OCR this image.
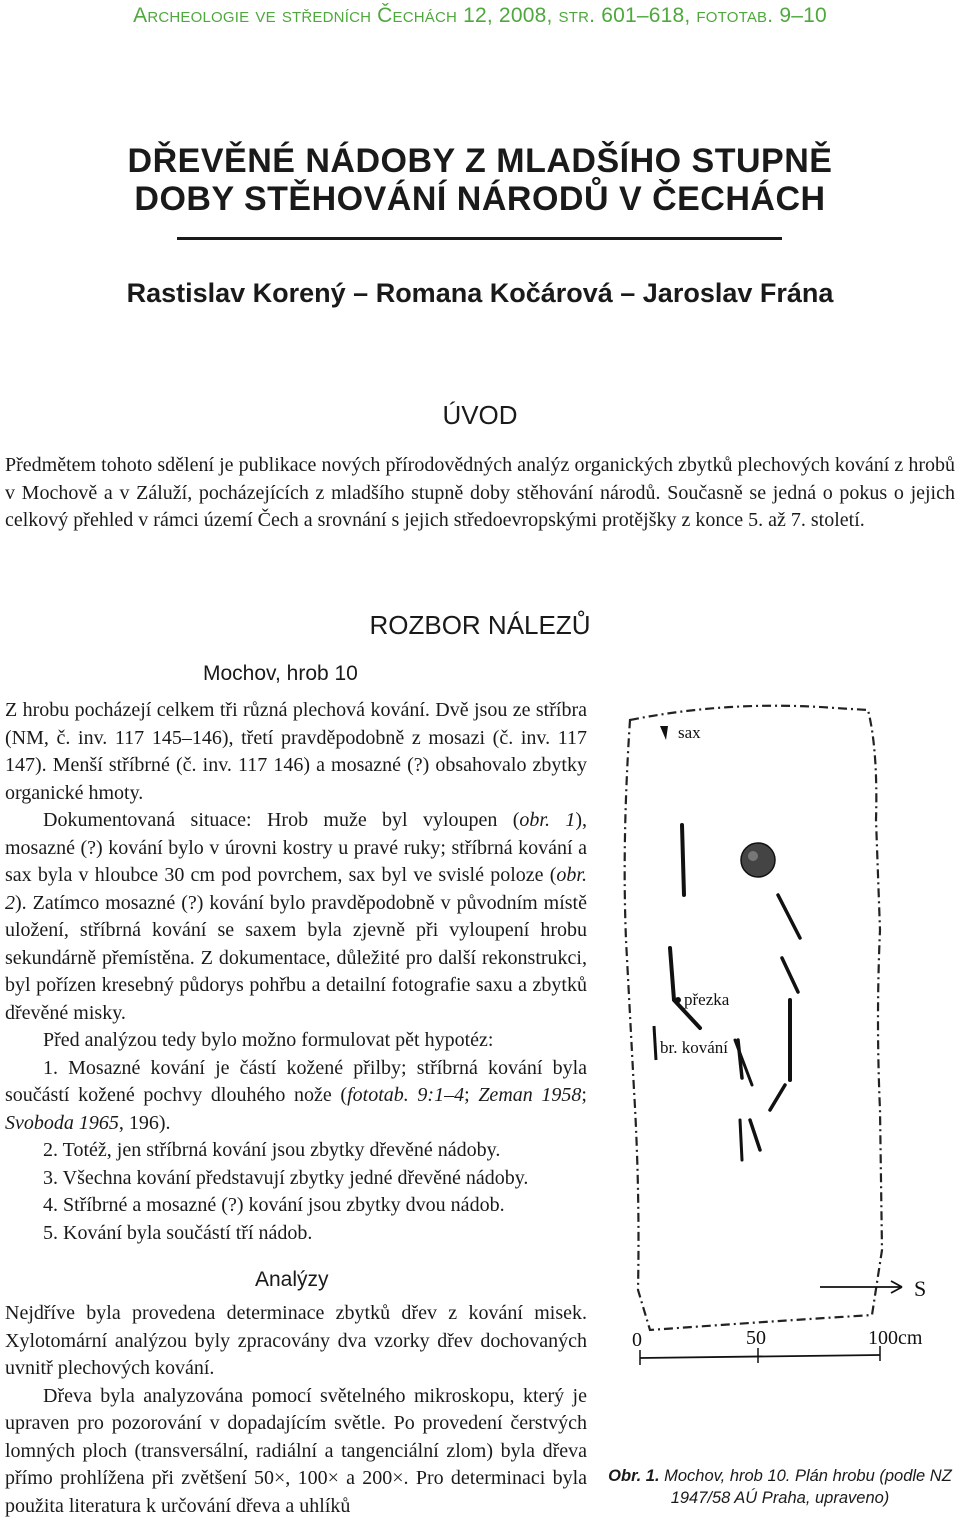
Archeologie ve středních Čechách 12, 2008, str. 601–618, fototab. 9–10
DŘEVĚNÉ NÁDOBY Z MLADŠÍHO STUPNĚ
DOBY STĚHOVÁNÍ NÁRODŮ V ČECHÁCH
Rastislav Korený – Romana Kočárová – Jaroslav Frána
ÚVOD

Předmětem tohoto sdělení je publikace nových přírodovědných analýz organických zbytků plechových kování z hrobů v Mochově a v Záluží, pocházejících z mladšího stupně doby stěhování národů. Současně se jedná o pokus o jejich celkový přehled v rámci území Čech a srovnání s jejich středoevropskými protějšky z konce 5. až 7. století.

ROZBOR NÁLEZŮ
Mochov, hrob 10

Z hrobu pocházejí celkem tři různá plechová kování. Dvě jsou ze stříbra (NM, č. inv. 117 145–146), třetí pravděpodobně z mosazi (č. inv. 117 147). Menší stříbrné (č. inv. 117 146) a mosazné (?) obsahovalo zbytky organické hmoty.

Dokumentovaná situace: Hrob muže byl vyloupen (obr. 1), mosazné (?) kování bylo v úrovni kostry u pravé ruky; stříbrná kování a sax byla v hloubce 30 cm pod povrchem, sax byl ve svislé poloze (obr. 2). Zatímco mosazné (?) kování bylo pravděpodobně v původním místě uložení, stříbrná kování se saxem byla zjevně při vyloupení hrobu sekundárně přemístěna. Z dokumentace, důležité pro další rekonstrukci, byl pořízen kresebný půdorys pohřbu a detailní fotografie saxu a zbytků dřevěné misky.

Před analýzou tedy bylo možno formulovat pět hypotéz:

1. Mosazné kování je částí kožené přilby; stříbrná kování byla součástí kožené pochvy dlouhého nože (fototab. 9:1–4; Zeman 1958; Svoboda 1965, 196).

2. Totéž, jen stříbrná kování jsou zbytky dřevěné nádoby.

3. Všechna kování představují zbytky jedné dřevěné nádoby.

4. Stříbrné a mosazné (?) kování jsou zbytky dvou nádob.

5. Kování byla součástí tří nádob.

Analýzy

Nejdříve byla provedena determinace zbytků dřev z kování misek. Xylotomární analýzou byly zpracovány dva vzorky dřev dochovaných uvnitř plechových kování.

Dřeva byla analyzována pomocí světelného mikroskopu, který je upraven pro pozorování v dopadajícím světle. Po provedení čerstvých lomných ploch (transversální, radiální a tangenciální zlom) byla dřeva přímo prohlížena při zvětšení 50×, 100× a 200×. Pro determinaci byla použita literatura k určování dřeva a uhlíků

sax
přezka
br. kování
S
0	50	100cm
Obr. 1. Mochov, hrob 10. Plán hrobu (podle NZ 1947/58 AÚ Praha, upraveno)
